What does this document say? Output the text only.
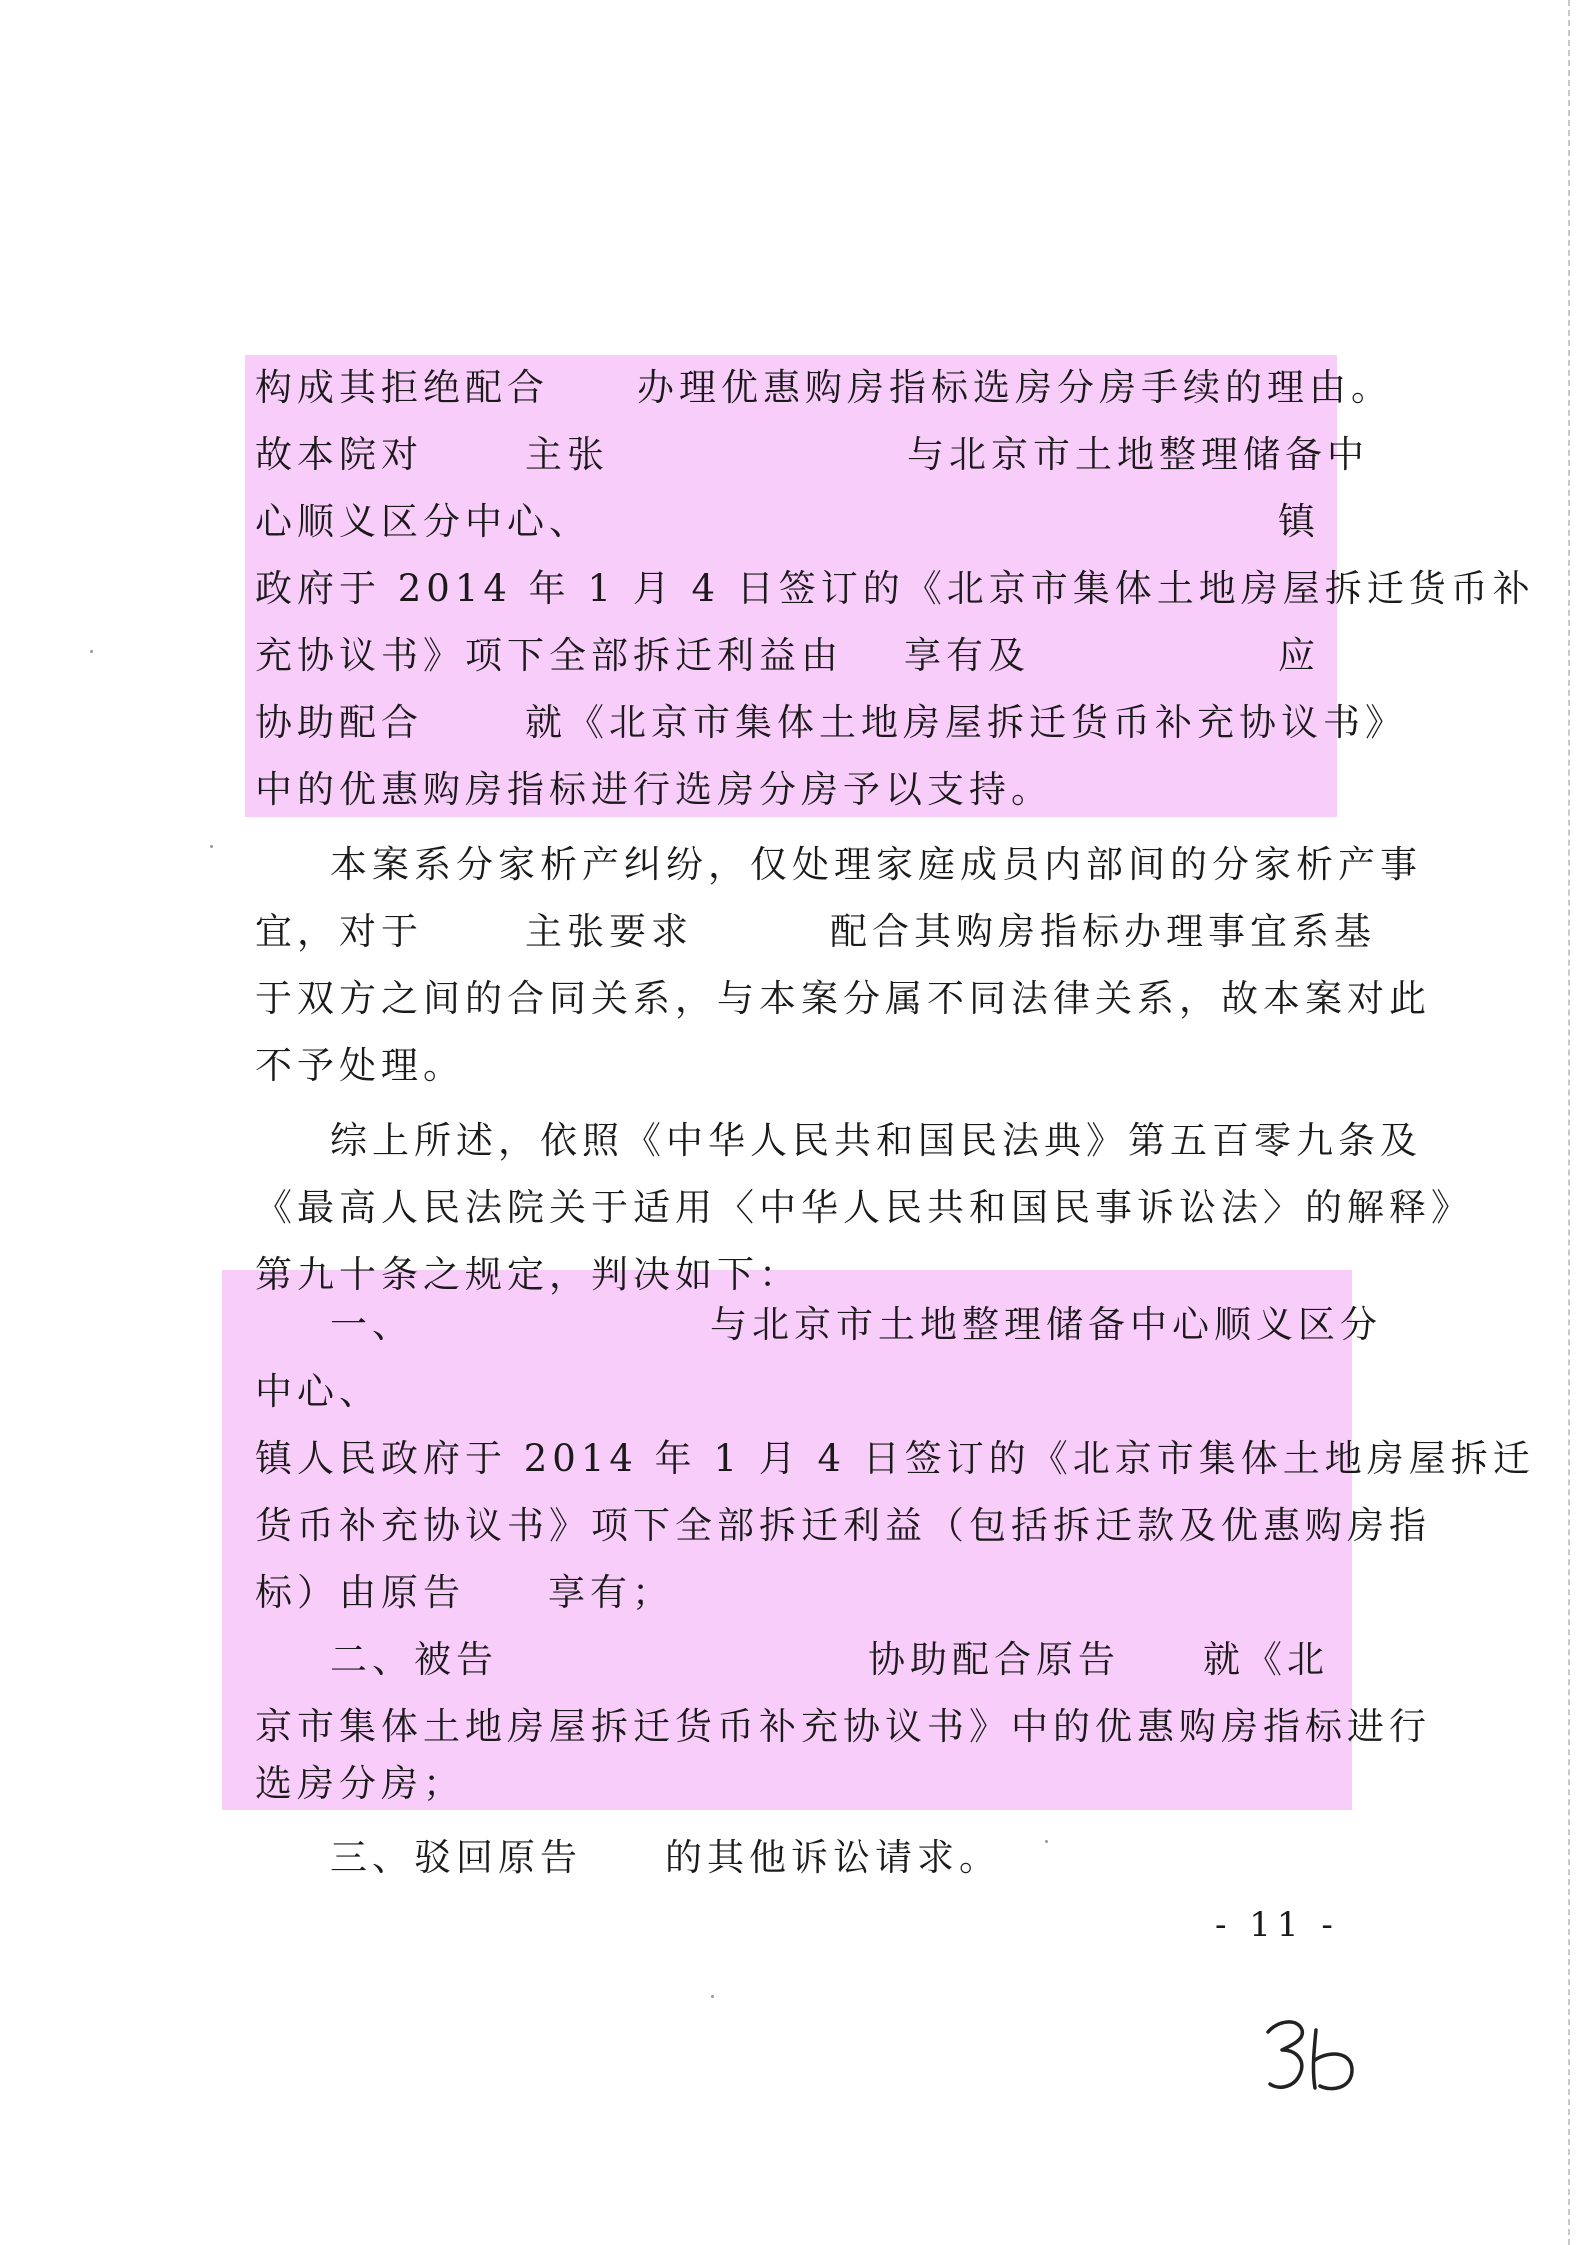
构成其拒绝配合 办理优惠购房指标选房分房手续的理由。
故本院对	主张	与北京市土地整理储备中
心顺义区分中心、	镇
政府于 2014 年 1 月 4 日签订的《北京市集体土地房屋拆迁货币补
充协议书》项下全部拆迁利益由 享有及	应
协助配合	就《北京市集体土地房屋拆迁货币补充协议书》
中的优惠购房指标进行选房分房予以支持。
本案系分家析产纠纷，仅处理家庭成员内部间的分家析产事
宜，对于	主张要求	配合其购房指标办理事宜系基
于双方之间的合同关系，与本案分属不同法律关系，故本案对此
不予处理。
综上所述，依照《中华人民共和国民法典》第五百零九条及
《最高人民法院关于适用〈中华人民共和国民事诉讼法〉的解释》
第九十条之规定，判决如下：
一、	与北京市土地整理储备中心顺义区分
中心、
镇人民政府于 2014 年 1 月 4 日签订的《北京市集体土地房屋拆迁
货币补充协议书》项下全部拆迁利益（包括拆迁款及优惠购房指
标）由原告 享有；
二、被告	协助配合原告 就《北
京市集体土地房屋拆迁货币补充协议书》中的优惠购房指标进行
选房分房；
三、驳回原告 的其他诉讼请求。
- 11 -
